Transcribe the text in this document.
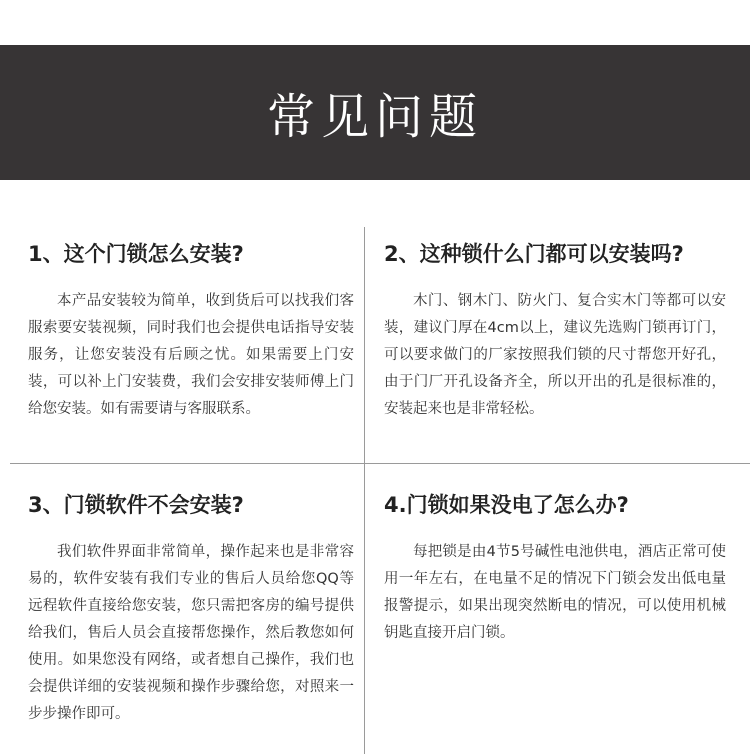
常见问题
1、这个门锁怎么安装?

本产品安装较为简单，收到货后可以找我们客服索要安装视频，同时我们也会提供电话指导安装服务，让您安装没有后顾之忧。如果需要上门安装，可以补上门安装费，我们会安排安装师傅上门给您安装。如有需要请与客服联系。

2、这种锁什么门都可以安装吗?

木门、钢木门、防火门、复合实木门等都可以安装，建议门厚在4cm以上，建议先选购门锁再订门，可以要求做门的厂家按照我们锁的尺寸帮您开好孔，由于门厂开孔设备齐全，所以开出的孔是很标准的，安装起来也是非常轻松。

3、门锁软件不会安装?

我们软件界面非常简单，操作起来也是非常容易的，软件安装有我们专业的售后人员给您QQ等远程软件直接给您安装，您只需把客房的编号提供给我们，售后人员会直接帮您操作，然后教您如何使用。如果您没有网络，或者想自己操作，我们也会提供详细的安装视频和操作步骤给您，对照来一步步操作即可。

4.门锁如果没电了怎么办?

每把锁是由4节5号碱性电池供电，酒店正常可使用一年左右，在电量不足的情况下门锁会发出低电量报警提示，如果出现突然断电的情况，可以使用机械钥匙直接开启门锁。
